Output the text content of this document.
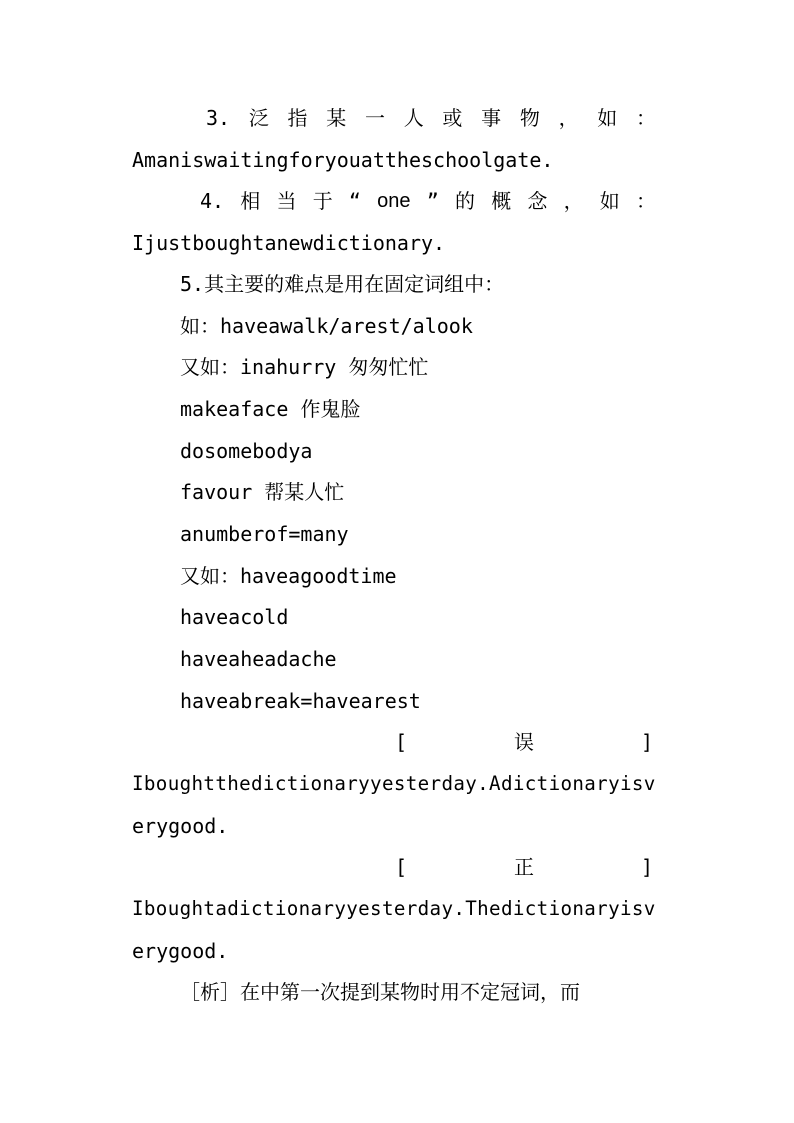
3. 泛 指 某 一 人 或 事 物 ， 如 ：
Amaniswaitingforyouattheschoolgate.
4. 相 当 于 “ one ” 的 概 念 ， 如 ：
Ijustboughtanewdictionary.
5.其主要的难点是用在固定词组中：
如：haveawalk/arest/alook
又如：inahurry 匆匆忙忙
makeaface 作鬼脸
dosomebodya
favour 帮某人忙
anumberof=many
又如：haveagoodtime
haveacold
haveaheadache
haveabreak=havearest
[	误	]
Iboughtthedictionaryyesterday.Adictionaryisv
erygood.
[	正	]
Iboughtadictionaryyesterday.Thedictionaryisv
erygood.
［析］在中第一次提到某物时用不定冠词，而
